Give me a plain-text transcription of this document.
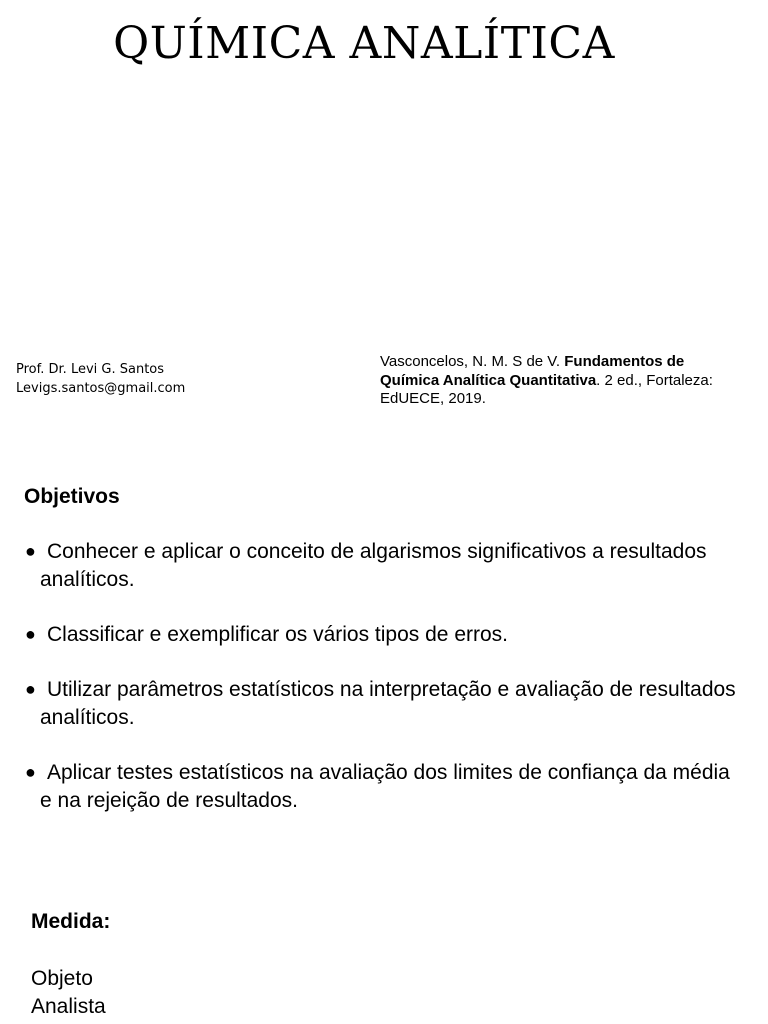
QUÍMICA ANALÍTICA
Prof. Dr. Levi G. Santos
Levigs.santos@gmail.com
Vasconcelos, N. M. S de V. Fundamentos de Química Analítica Quantitativa. 2 ed., Fortaleza: EdUECE, 2019.
Objetivos
● Conhecer e aplicar o conceito de algarismos significativos a resultados analíticos.
● Classificar e exemplificar os vários tipos de erros.
● Utilizar parâmetros estatísticos na interpretação e avaliação de resultados analíticos.
● Aplicar testes estatísticos na avaliação dos limites de confiança da média e na rejeição de resultados.
Medida:
Objeto
Analista
